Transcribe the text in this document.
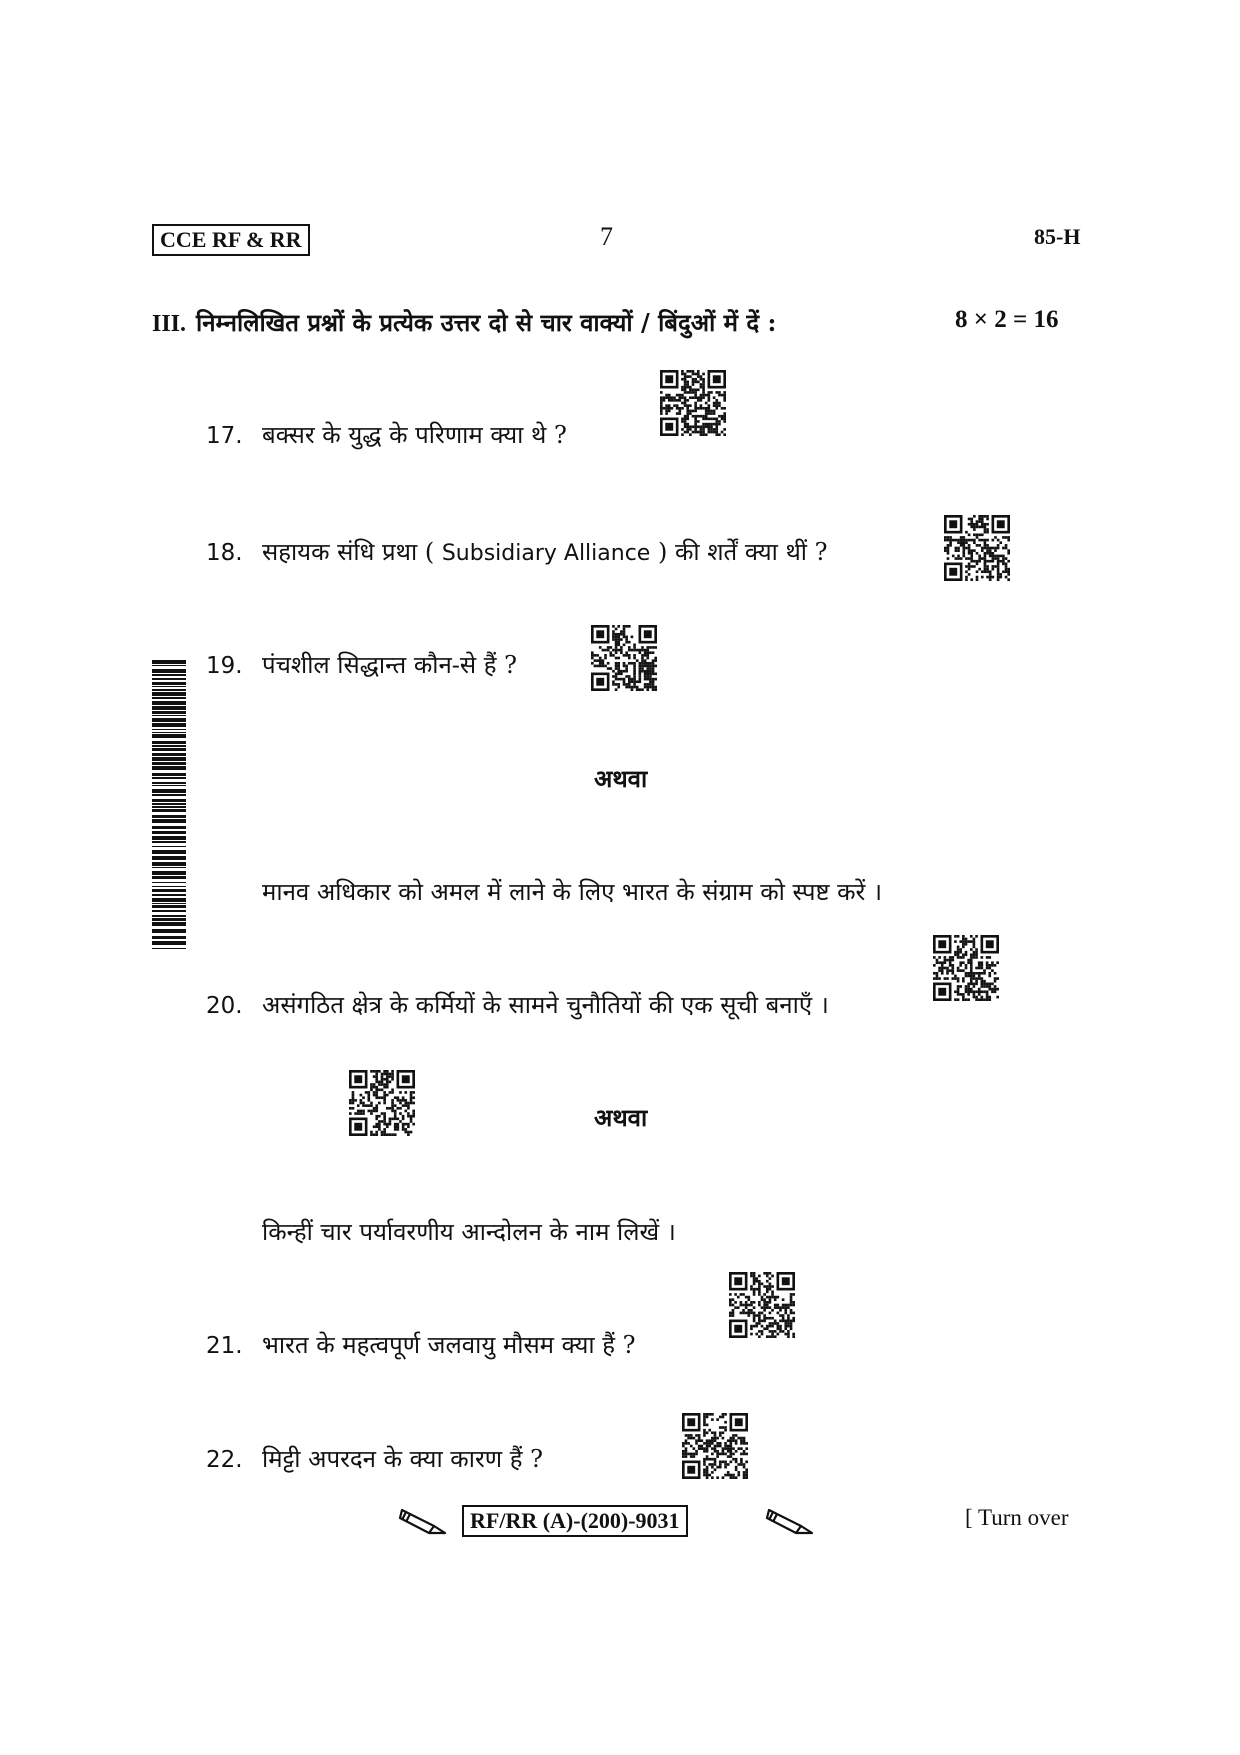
CCE RF & RR	7	85-H
III. निम्नलिखित प्रश्नों के प्रत्येक उत्तर दो से चार वाक्यों / बिंदुओं में दें :	8 × 2 = 16
17. बक्सर के युद्ध के परिणाम क्या थे ?
18. सहायक संधि प्रथा ( Subsidiary Alliance ) की शर्तें क्या थीं ?
19. पंचशील सिद्धान्त कौन-से हैं ?
अथवा
मानव अधिकार को अमल में लाने के लिए भारत के संग्राम को स्पष्ट करें ।
20. असंगठित क्षेत्र के कर्मियों के सामने चुनौतियों की एक सूची बनाएँ ।
अथवा
किन्हीं चार पर्यावरणीय आन्दोलन के नाम लिखें ।
21. भारत के महत्वपूर्ण जलवायु मौसम क्या हैं ?
22. मिट्टी अपरदन के क्या कारण हैं ?
RF/RR (A)-(200)-9031	[ Turn over
